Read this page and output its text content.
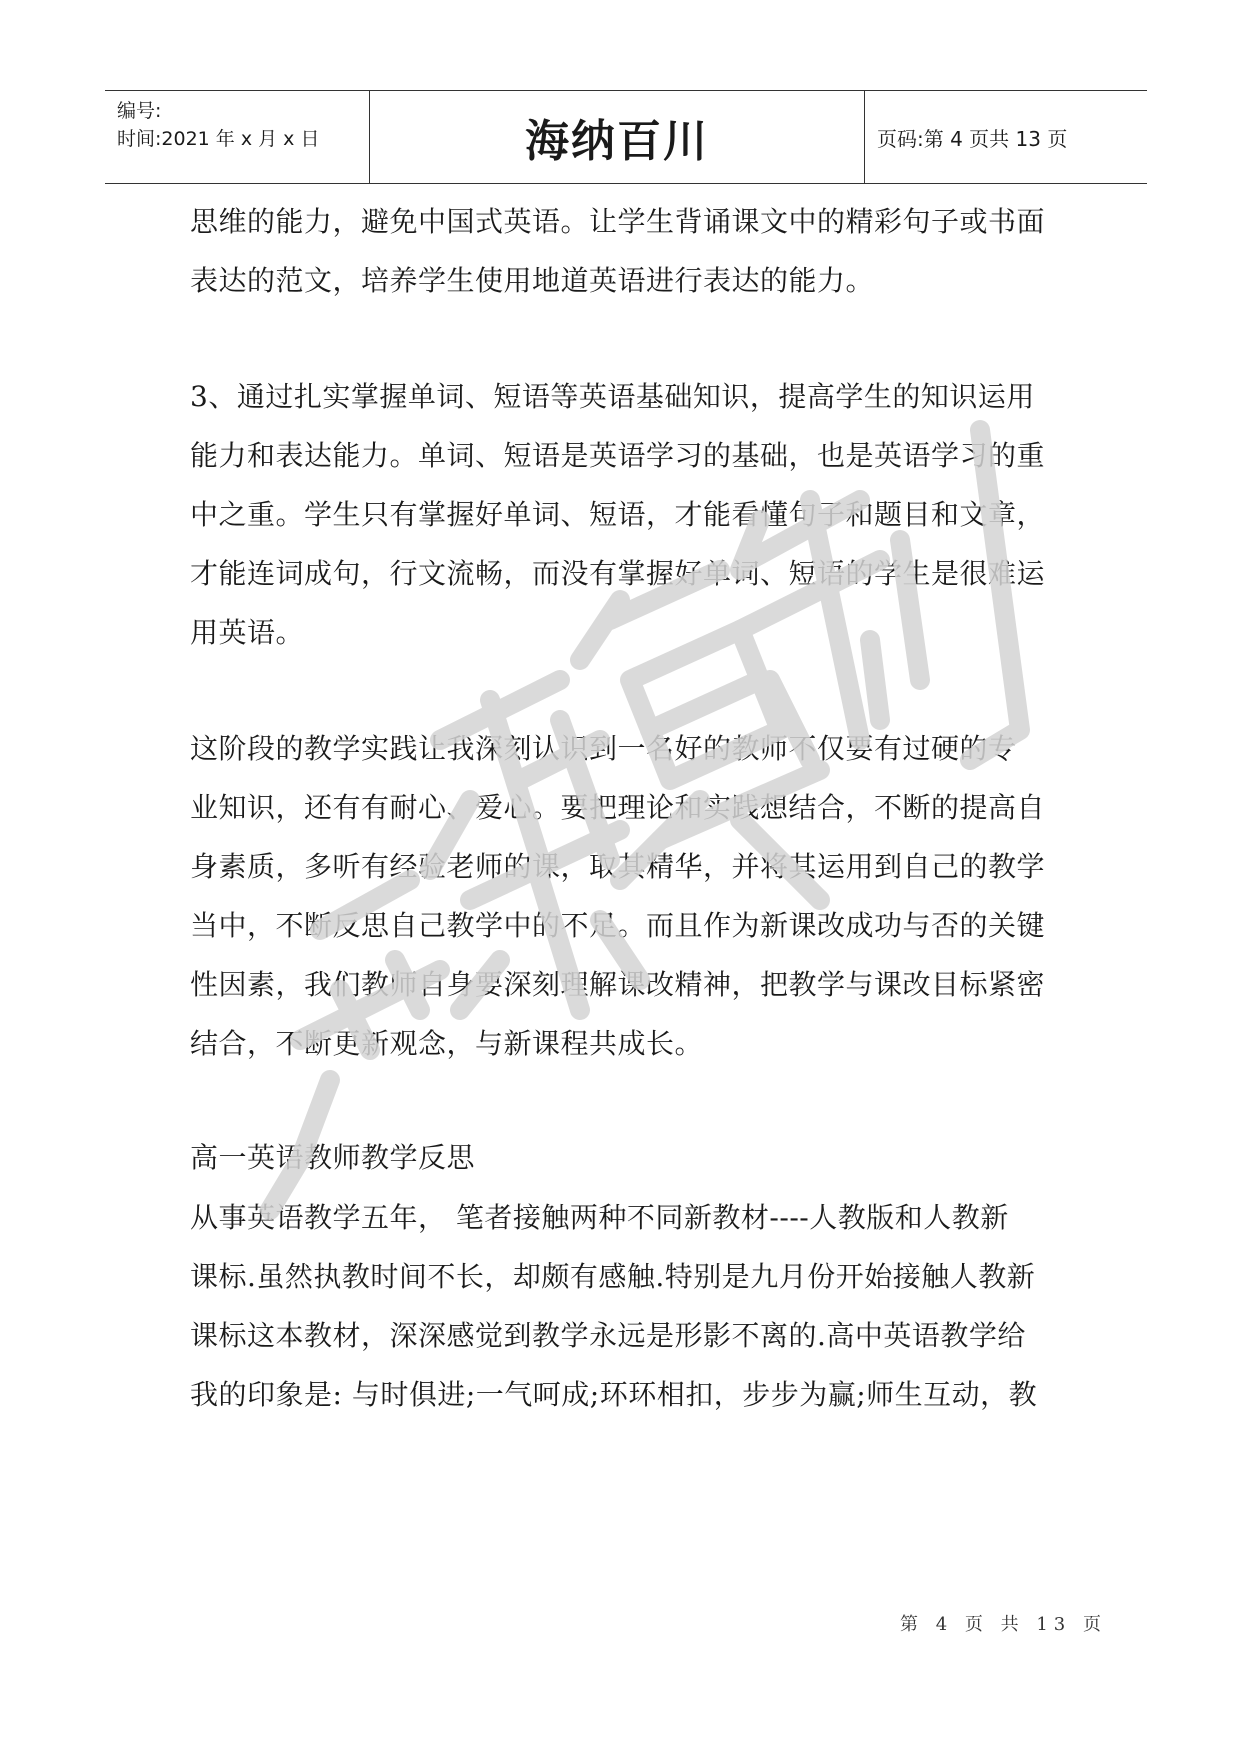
编号:
时间:2021 年 x 月 x 日	海纳百川	页码:第 4 页共 13 页
思维的能力，避免中国式英语。让学生背诵课文中的精彩句子或书面
表达的范文，培养学生使用地道英语进行表达的能力。
3、通过扎实掌握单词、短语等英语基础知识，提高学生的知识运用
能力和表达能力。单词、短语是英语学习的基础，也是英语学习的重
中之重。学生只有掌握好单词、短语，才能看懂句子和题目和文章，
才能连词成句，行文流畅，而没有掌握好单词、短语的学生是很难运
用英语。
这阶段的教学实践让我深刻认识到一名好的教师不仅要有过硬的专
业知识，还有有耐心、爱心。要把理论和实践想结合，不断的提高自
身素质，多听有经验老师的课，取其精华，并将其运用到自己的教学
当中，不断反思自己教学中的不足。而且作为新课改成功与否的关键
性因素，我们教师自身要深刻理解课改精神，把教学与课改目标紧密
结合，不断更新观念，与新课程共成长。
高一英语教师教学反思
从事英语教学五年， 笔者接触两种不同新教材----人教版和人教新
课标.虽然执教时间不长，却颇有感触.特别是九月份开始接触人教新
课标这本教材，深深感觉到教学永远是形影不离的.高中英语教学给
我的印象是: 与时俱进;一气呵成;环环相扣，步步为赢;师生互动，教
第 4 页 共 13 页
